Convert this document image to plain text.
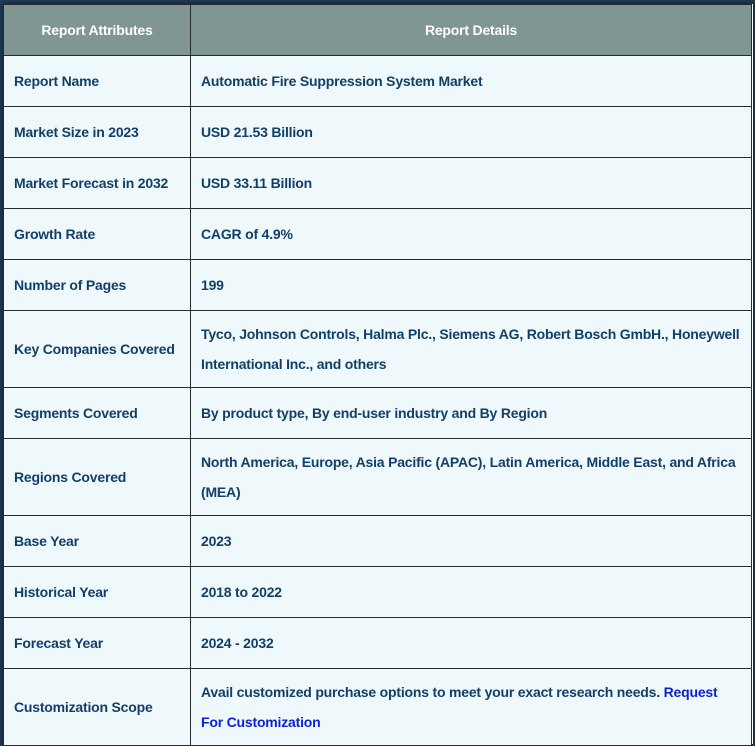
Report Attributes	Report Details
Report Name	Automatic Fire Suppression System Market
Market Size in 2023	USD 21.53 Billion
Market Forecast in 2032	USD 33.11 Billion
Growth Rate	CAGR of 4.9%
Number of Pages	199
Key Companies Covered	Tyco, Johnson Controls, Halma Plc., Siemens AG, Robert Bosch GmbH., Honeywell International Inc., and others
Segments Covered	By product type, By end-user industry and By Region
Regions Covered	North America, Europe, Asia Pacific (APAC), Latin America, Middle East, and Africa (MEA)
Base Year	2023
Historical Year	2018 to 2022
Forecast Year	2024 - 2032
Customization Scope	Avail customized purchase options to meet your exact research needs. Request For Customization
